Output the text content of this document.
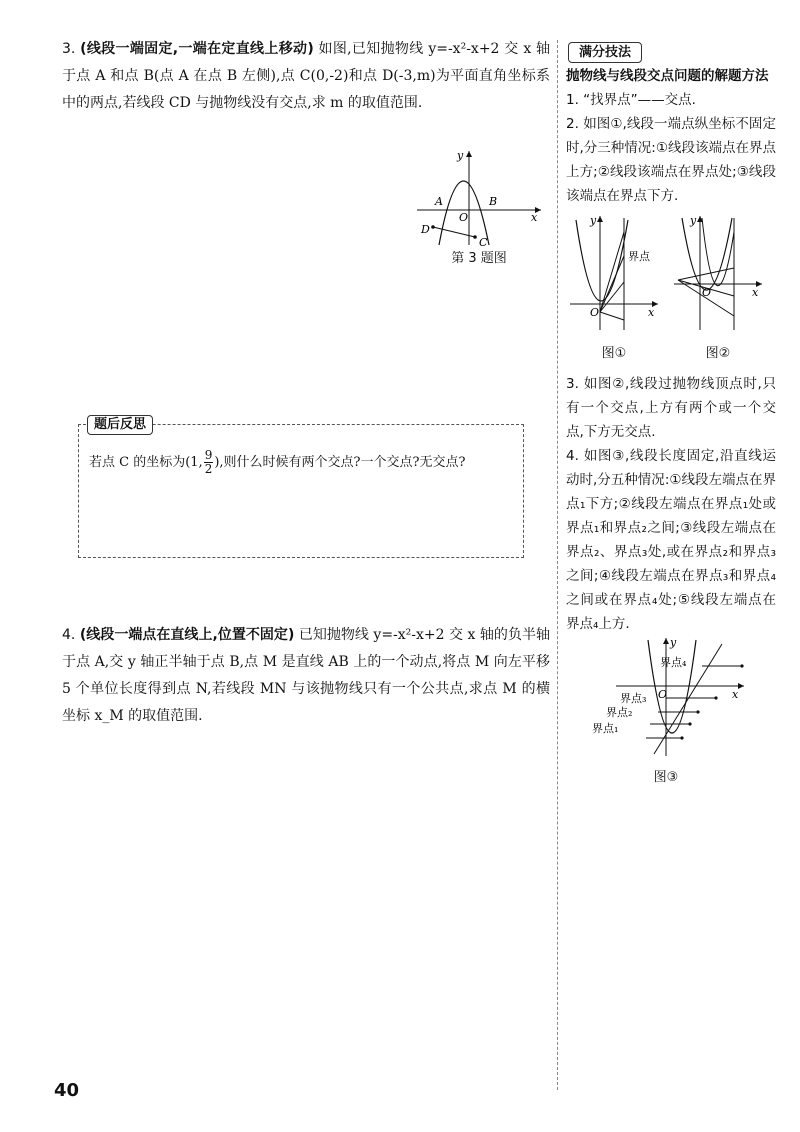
3. (线段一端固定,一端在定直线上移动) 如图,已知抛物线 y=-x²-x+2 交 x 轴于点 A 和点 B(点 A 在点 B 左侧),点 C(0,-2)和点 D(-3,m)为平面直角坐标系中的两点,若线段 CD 与抛物线没有交点,求 m 的取值范围.
x
y
A	B
O
C
D
第 3 题图
题后反思
若点 C 的坐标为(1, $\frac{9}{2}$ ),则什么时候有两个交点?一个交点?无交点?
4. (线段一端点在直线上,位置不固定) 已知抛物线 y=-x²-x+2 交 x 轴的负半轴于点 A,交 y 轴正半轴于点 B,点 M 是直线 AB 上的一个动点,将点 M 向左平移 5 个单位长度得到点 N,若线段 MN 与该抛物线只有一个公共点,求点 M 的横坐标 x_M 的取值范围.
满分技法

抛物线与线段交点问题的解题方法

1. “找界点”——交点.

2. 如图①,线段一端点纵坐标不固定时,分三种情况:①线段该端点在界点上方;②线段该端点在界点处;③线段该端点在界点下方.

y
x
O
界点
图①
y
x
O
图②

3. 如图②,线段过抛物线顶点时,只有一个交点,上方有两个或一个交点,下方无交点.

4. 如图③,线段长度固定,沿直线运动时,分五种情况:①线段左端点在界点₁下方;②线段左端点在界点₁处或界点₁和界点₂之间;③线段左端点在界点₂、界点₃处,或在界点₂和界点₃之间;④线段左端点在界点₃和界点₄之间或在界点₄处;⑤线段左端点在界点₄上方.

y
x
O
界点₄
界点₃
界点₂
界点₁
图③
40
